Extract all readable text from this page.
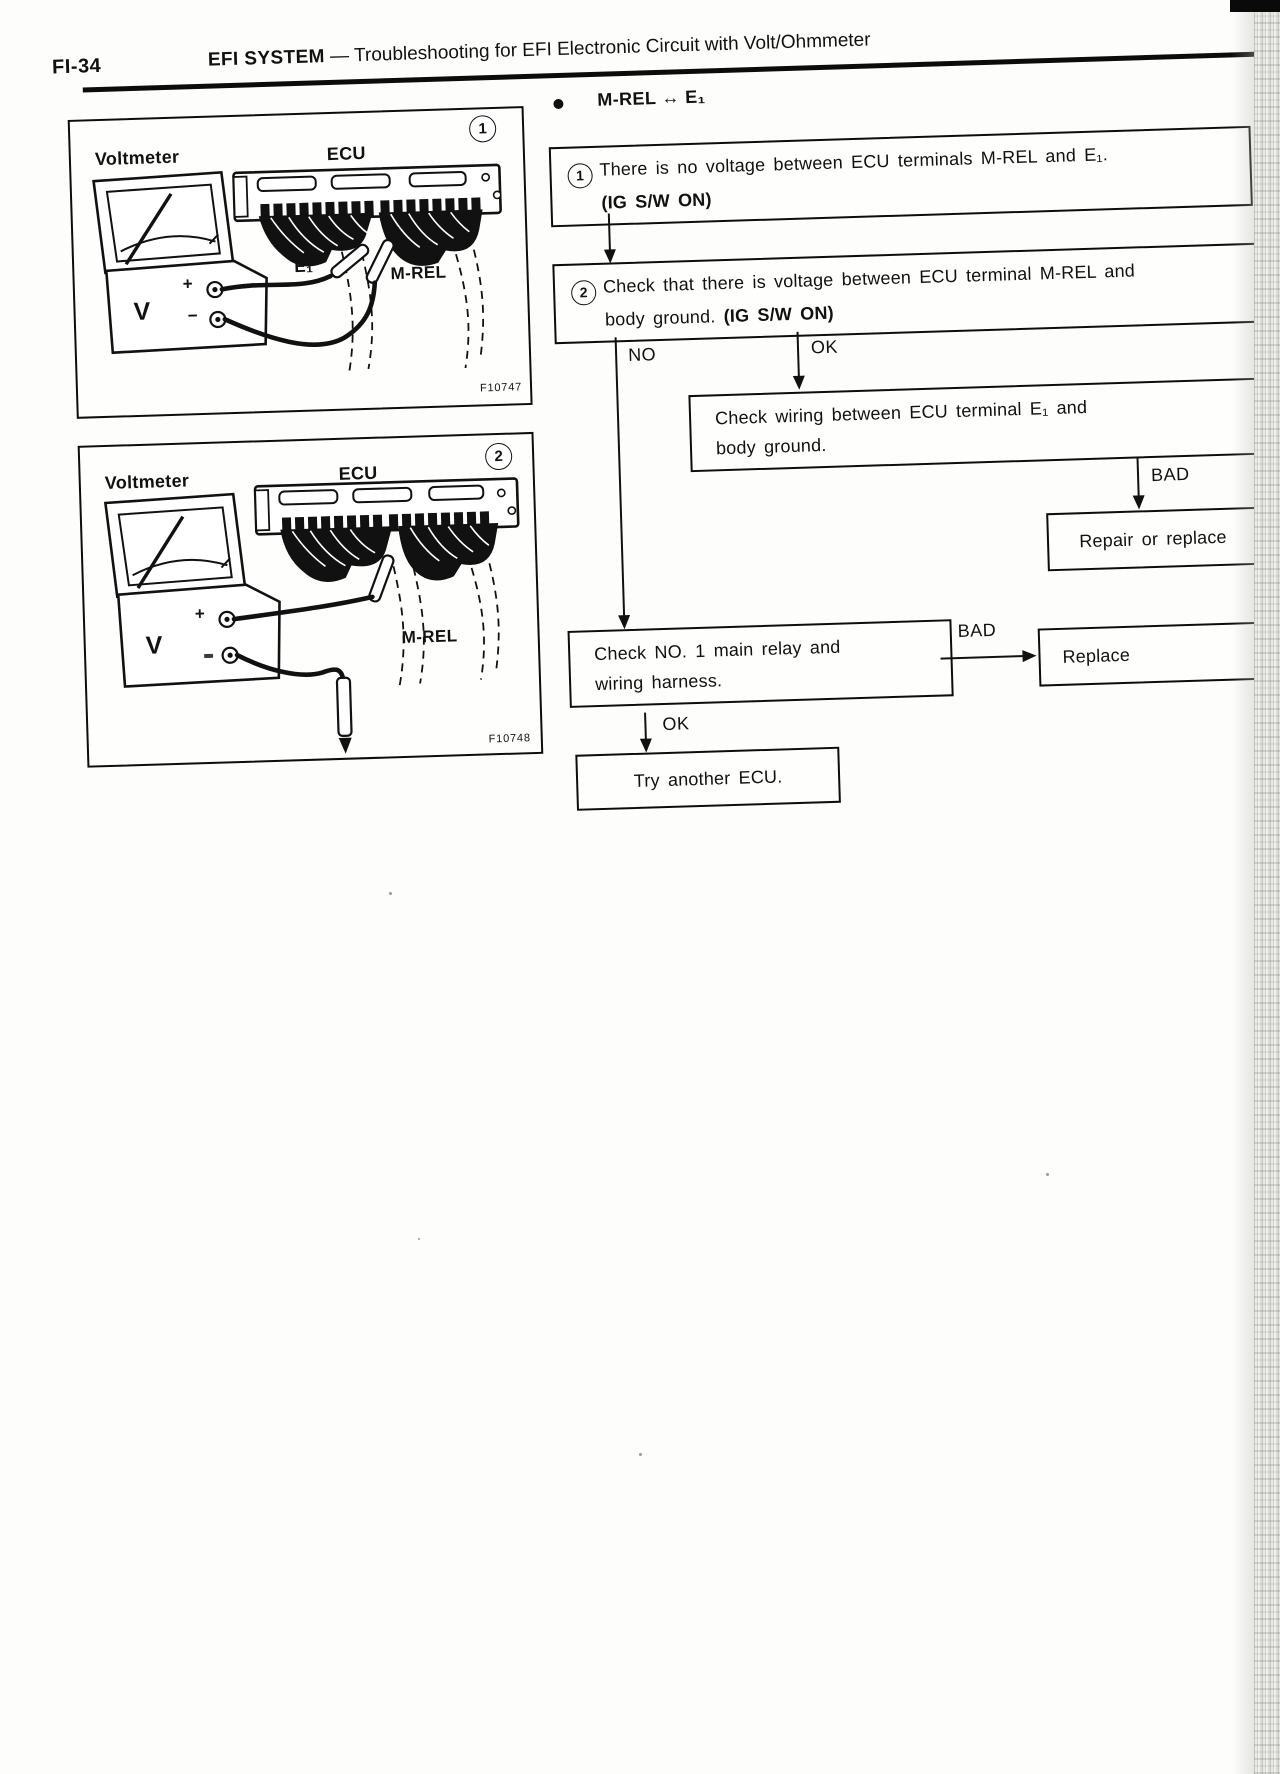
FI-34	EFI SYSTEM — Troubleshooting for EFI Electronic Circuit with Volt/Ohmmeter
1
Voltmeter	ECU
E₁	M-REL
V
+
−
F10747
2
Voltmeter	ECU
M-REL
V
+
F10748
M-REL ↔ E₁
1 There is no voltage between ECU terminals M-REL and E₁.
(IG S/W ON)
2 Check that there is voltage between ECU terminal M-REL and
body ground. (IG S/W ON)
NO	OK
Check wiring between ECU terminal E₁ and
body ground.
BAD
Repair or replace
Check NO. 1 main relay and
wiring harness.
BAD
Replace
OK
Try another ECU.
